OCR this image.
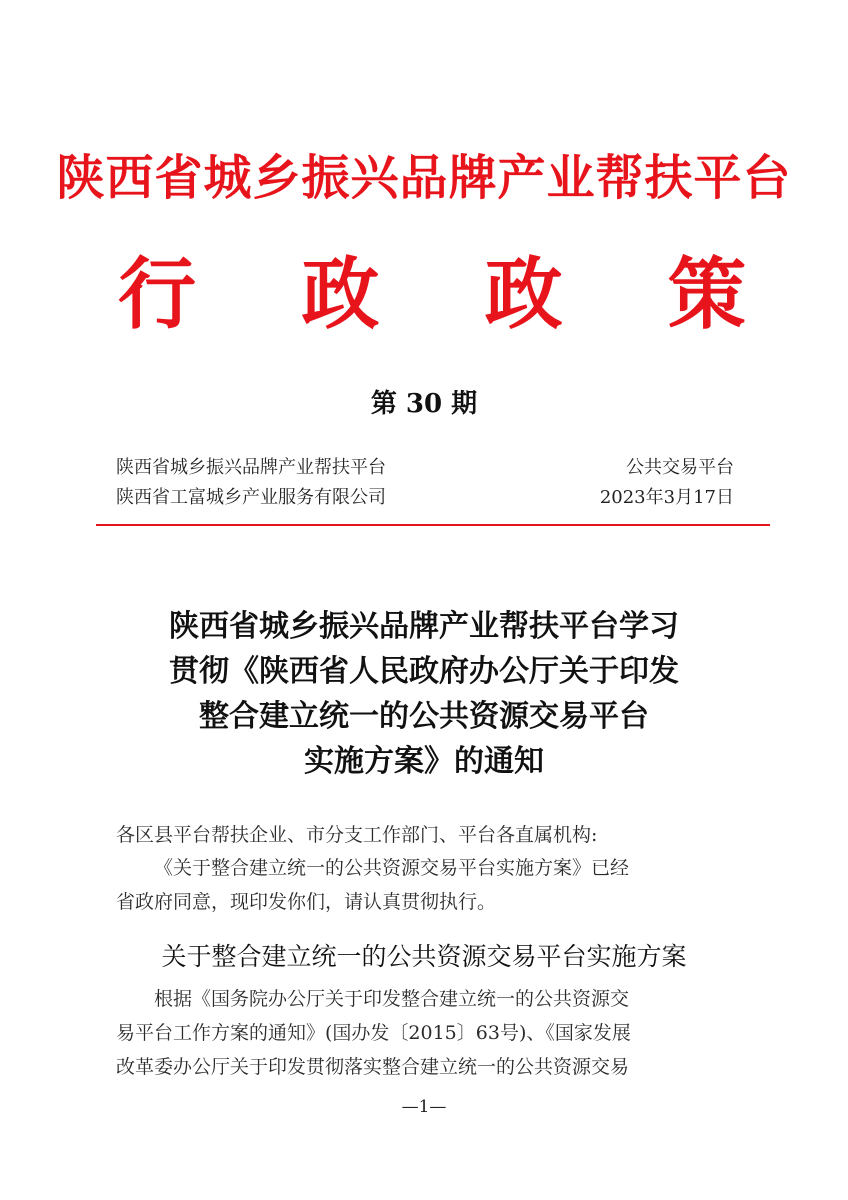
陕西省城乡振兴品牌产业帮扶平台
行 政 政 策
第 30 期
陕西省城乡振兴品牌产业帮扶平台	公共交易平台
陕西省工富城乡产业服务有限公司	2023年3月17日
陕西省城乡振兴品牌产业帮扶平台学习
贯彻《陕西省人民政府办公厅关于印发
整合建立统一的公共资源交易平台
实施方案》的通知
各区县平台帮扶企业、市分支工作部门、平台各直属机构:
《关于整合建立统一的公共资源交易平台实施方案》已经
省政府同意，现印发你们，请认真贯彻执行。
关于整合建立统一的公共资源交易平台实施方案
根据《国务院办公厅关于印发整合建立统一的公共资源交
易平台工作方案的通知》(国办发〔2015〕63号)、《国家发展
改革委办公厅关于印发贯彻落实整合建立统一的公共资源交易
—1—
